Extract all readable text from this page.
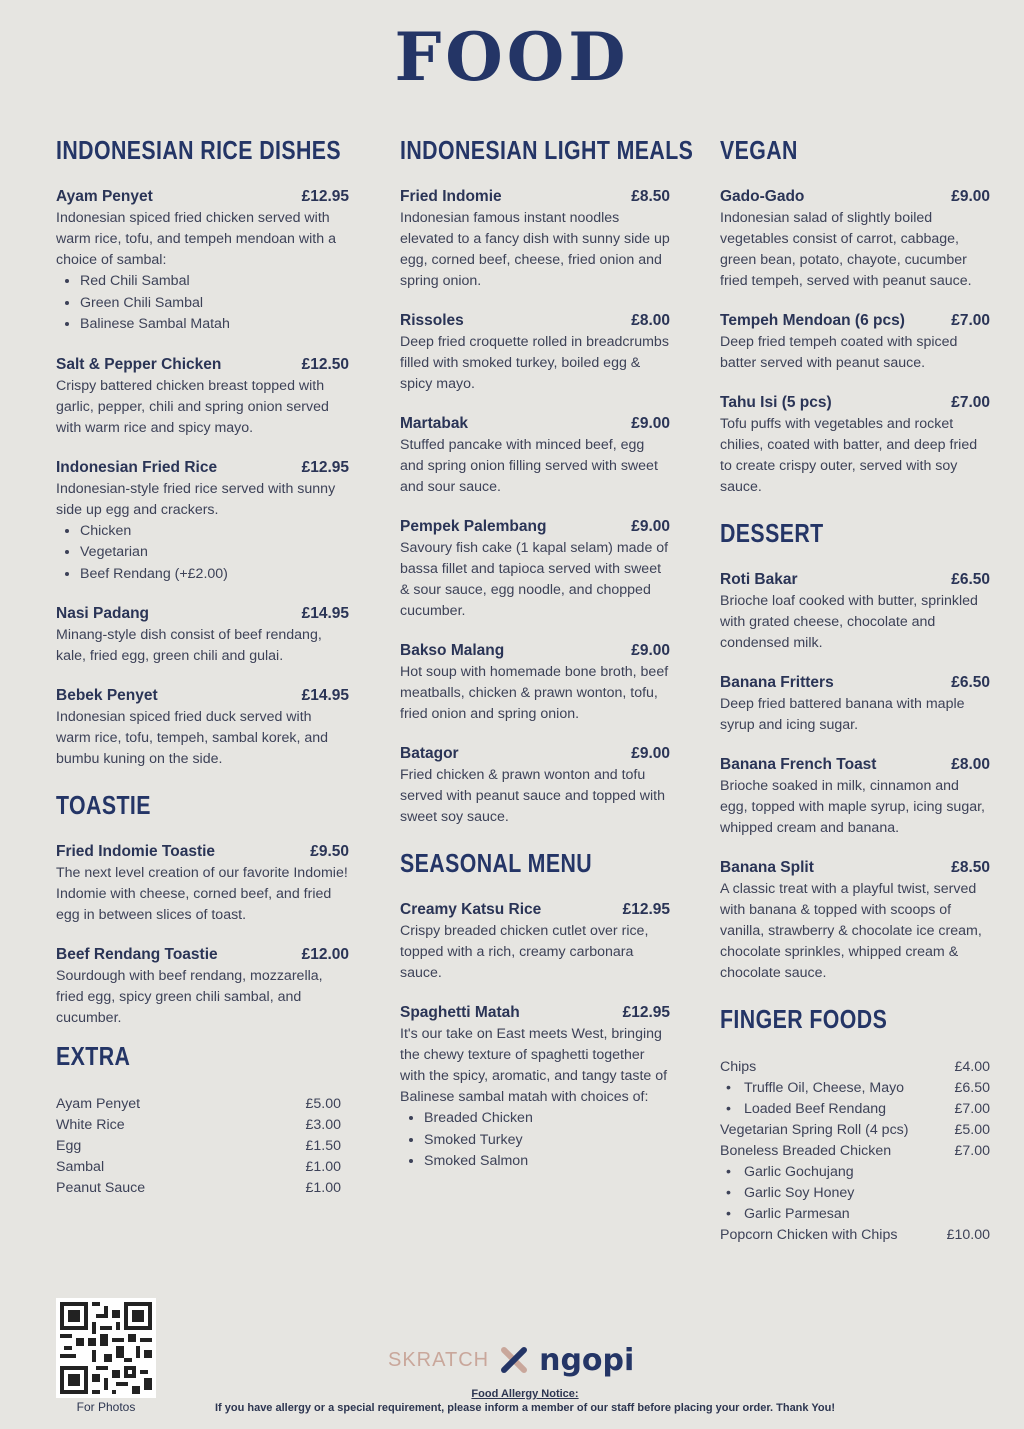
FOOD
INDONESIAN RICE DISHES
Ayam Penyet	£12.95
Indonesian spiced fried chicken served with warm rice, tofu, and tempeh mendoan with a choice of sambal:
• Red Chili Sambal
• Green Chili Sambal
• Balinese Sambal Matah
Salt & Pepper Chicken	£12.50
Crispy battered chicken breast topped with garlic, pepper, chili and spring onion served with warm rice and spicy mayo.
Indonesian Fried Rice	£12.95
Indonesian-style fried rice served with sunny side up egg and crackers.
• Chicken
• Vegetarian
• Beef Rendang (+£2.00)
Nasi Padang	£14.95
Minang-style dish consist of beef rendang, kale, fried egg, green chili and gulai.
Bebek Penyet	£14.95
Indonesian spiced fried duck served with warm rice, tofu, tempeh, sambal korek, and bumbu kuning on the side.
TOASTIE
Fried Indomie Toastie	£9.50
The next level creation of our favorite Indomie! Indomie with cheese, corned beef, and fried egg in between slices of toast.
Beef Rendang Toastie	£12.00
Sourdough with beef rendang, mozzarella, fried egg, spicy green chili sambal, and cucumber.
EXTRA
Ayam Penyet	£5.00
White Rice	£3.00
Egg	£1.50
Sambal	£1.00
Peanut Sauce	£1.00
INDONESIAN LIGHT MEALS
Fried Indomie	£8.50
Indonesian famous instant noodles elevated to a fancy dish with sunny side up egg, corned beef, cheese, fried onion and spring onion.
Rissoles	£8.00
Deep fried croquette rolled in breadcrumbs filled with smoked turkey, boiled egg & spicy mayo.
Martabak	£9.00
Stuffed pancake with minced beef, egg and spring onion filling served with sweet and sour sauce.
Pempek Palembang	£9.00
Savoury fish cake (1 kapal selam) made of bassa fillet and tapioca served with sweet & sour sauce, egg noodle, and chopped cucumber.
Bakso Malang	£9.00
Hot soup with homemade bone broth, beef meatballs, chicken & prawn wonton, tofu, fried onion and spring onion.
Batagor	£9.00
Fried chicken & prawn wonton and tofu served with peanut sauce and topped with sweet soy sauce.
SEASONAL MENU
Creamy Katsu Rice	£12.95
Crispy breaded chicken cutlet over rice, topped with a rich, creamy carbonara sauce.
Spaghetti Matah	£12.95
It's our take on East meets West, bringing the chewy texture of spaghetti together with the spicy, aromatic, and tangy taste of Balinese sambal matah with choices of:
• Breaded Chicken
• Smoked Turkey
• Smoked Salmon
VEGAN
Gado-Gado	£9.00
Indonesian salad of slightly boiled vegetables consist of carrot, cabbage, green bean, potato, chayote, cucumber fried tempeh, served with peanut sauce.
Tempeh Mendoan (6 pcs)	£7.00
Deep fried tempeh coated with spiced batter served with peanut sauce.
Tahu Isi (5 pcs)	£7.00
Tofu puffs with vegetables and rocket chilies, coated with batter, and deep fried to create crispy outer, served with soy sauce.
DESSERT
Roti Bakar	£6.50
Brioche loaf cooked with butter, sprinkled with grated cheese, chocolate and condensed milk.
Banana Fritters	£6.50
Deep fried battered banana with maple syrup and icing sugar.
Banana French Toast	£8.00
Brioche soaked in milk, cinnamon and egg, topped with maple syrup, icing sugar, whipped cream and banana.
Banana Split	£8.50
A classic treat with a playful twist, served with banana & topped with scoops of vanilla, strawberry & chocolate ice cream, chocolate sprinkles, whipped cream & chocolate sauce.
FINGER FOODS
Chips	£4.00
• Truffle Oil, Cheese, Mayo	£6.50
• Loaded Beef Rendang	£7.00
Vegetarian Spring Roll (4 pcs)	£5.00
Boneless Breaded Chicken	£7.00
• Garlic Gochujang
• Garlic Soy Honey
• Garlic Parmesan
Popcorn Chicken with Chips	£10.00
For Photos
SKRATCH ngopi
Food Allergy Notice:
If you have allergy or a special requirement, please inform a member of our staff before placing your order. Thank You!
